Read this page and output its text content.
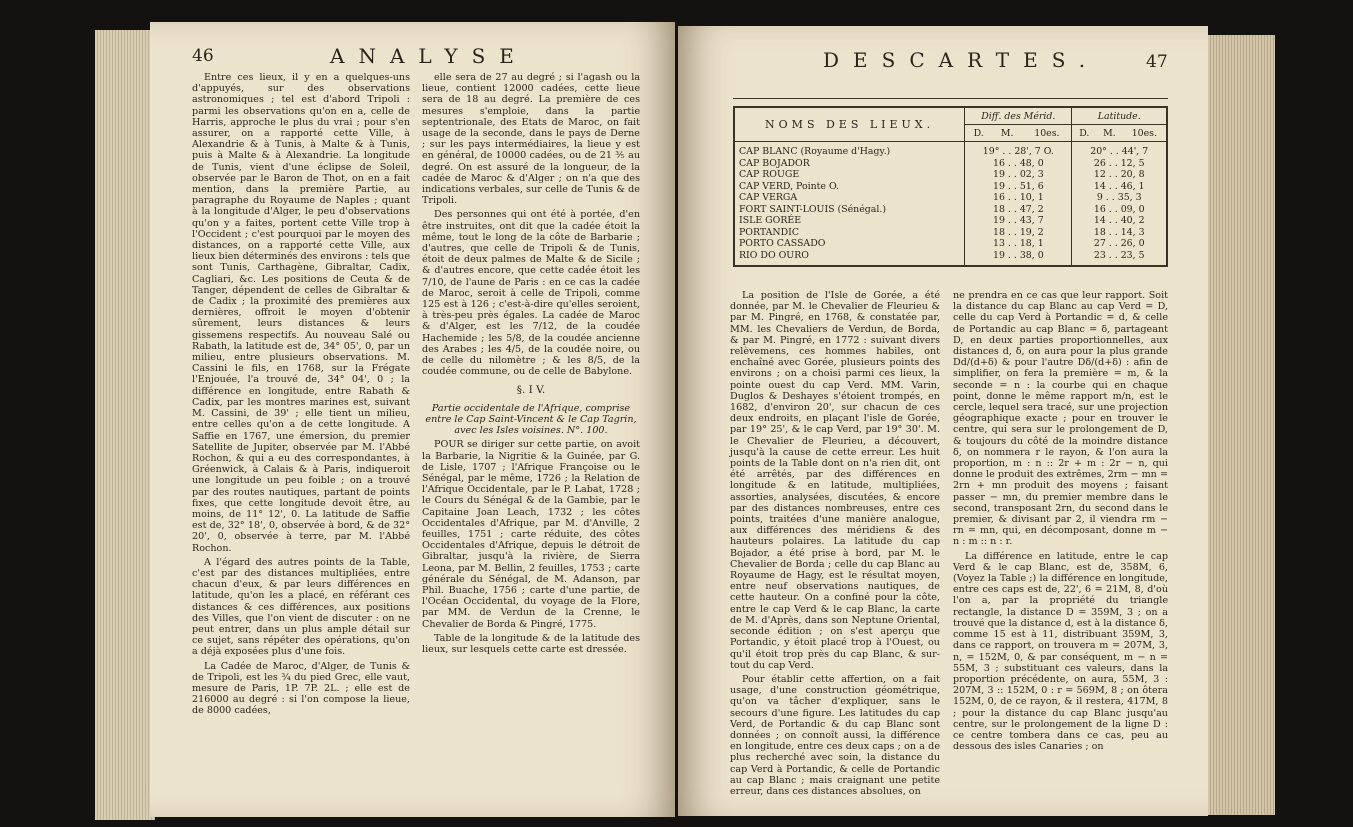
46	ANALYSE

Entre ces lieux, il y en a quelques-uns d'appuyés, sur des observations astronomiques ; tel est d'abord Tripoli : parmi les observations qu'on en a, celle de Harris, approche le plus du vrai ; pour s'en assurer, on a rapporté cette Ville, à Alexandrie & à Tunis, à Malte & à Tunis, puis à Malte & à Alexandrie. La longitude de Tunis, vient d'une éclipse de Soleil, observée par le Baron de Thot, on en a fait mention, dans la première Partie, au paragraphe du Royaume de Naples ; quant à la longitude d'Alger, le peu d'observations qu'on y a faites, portent cette Ville trop à l'Occident ; c'est pourquoi par le moyen des distances, on a rapporté cette Ville, aux lieux bien déterminés des environs : tels que sont Tunis, Carthagène, Gibraltar, Cadix, Cagliari, &c. Les positions de Ceuta & de Tanger, dépendent de celles de Gibraltar & de Cadix ; la proximité des premières aux dernières, offroit le moyen d'obtenir sûrement, leurs distances & leurs gissemens respectifs. Au nouveau Salé ou Rabath, la latitude est de, 34° 05', 0, par un milieu, entre plusieurs observations. M. Cassini le fils, en 1768, sur la Frégate l'Enjouée, l'a trouvé de, 34° 04', 0 ; la différence en longitude, entre Rabath & Cadix, par les montres marines est, suivant M. Cassini, de 39' ; elle tient un milieu, entre celles qu'on a de cette longitude. A Saffie en 1767, une émersion, du premier Satellite de Jupiter, observée par M. l'Abbé Rochon, & qui a eu des correspondantes, à Gréenwick, à Calais & à Paris, indiqueroit une longitude un peu foible ; on a trouvé par des routes nautiques, partant de points fixes, que cette longitude devoit être, au moins, de 11° 12', 0. La latitude de Saffie est de, 32° 18', 0, observée à bord, & de 32° 20', 0, observée à terre, par M. l'Abbé Rochon.

A l'égard des autres points de la Table, c'est par des distances multipliées, entre chacun d'eux, & par leurs différences en latitude, qu'on les a placé, en référant ces distances & ces différences, aux positions des Villes, que l'on vient de discuter : on ne peut entrer, dans un plus ample détail sur ce sujet, sans répéter des opérations, qu'on a déjà exposées plus d'une fois.

La Cadée de Maroc, d'Alger, de Tunis & de Tripoli, est les ¾ du pied Grec, elle vaut, mesure de Paris, 1P. 7P. 2L. ; elle est de 216000 au degré : si l'on compose la lieue, de 8000 cadées,

elle sera de 27 au degré ; si l'agash ou la lieue, contient 12000 cadées, cette lieue sera de 18 au degré. La première de ces mesures s'emploie, dans la partie septentrionale, des Etats de Maroc, on fait usage de la seconde, dans le pays de Derne ; sur les pays intermédiaires, la lieue y est en général, de 10000 cadées, ou de 21 ⅗ au degré. On est assuré de la longueur, de la cadée de Maroc & d'Alger ; on n'a que des indications verbales, sur celle de Tunis & de Tripoli.

Des personnes qui ont été à portée, d'en être instruites, ont dit que la cadée étoit la même, tout le long de la côte de Barbarie ; d'autres, que celle de Tripoli & de Tunis, étoit de deux palmes de Malte & de Sicile ; & d'autres encore, que cette cadée étoit les 7/10, de l'aune de Paris : en ce cas la cadée de Maroc, seroit à celle de Tripoli, comme 125 est à 126 ; c'est-à-dire qu'elles seroient, à très-peu près égales. La cadée de Maroc & d'Alger, est les 7/12, de la coudée Hachemide ; les 5/8, de la coudée ancienne des Arabes ; les 4/5, de la coudée noire, ou de celle du nilomètre ; & les 8/5, de la coudée commune, ou de celle de Babylone.

§. I V.

Partie occidentale de l'Afrique, comprise entre le Cap Saint-Vincent & le Cap Tagrin, avec les Isles voisines. N°. 100.

POUR se diriger sur cette partie, on avoit la Barbarie, la Nigritie & la Guinée, par G. de Lisle, 1707 ; l'Afrique Françoise ou le Sénégal, par le même, 1726 ; la Relation de l'Afrique Occidentale, par le P. Labat, 1728 ; le Cours du Sénégal & de la Gambie, par le Capitaine Joan Leach, 1732 ; les côtes Occidentales d'Afrique, par M. d'Anville, 2 feuilles, 1751 ; carte réduite, des côtes Occidentales d'Afrique, depuis le détroit de Gibraltar, jusqu'à la rivière, de Sierra Leona, par M. Bellin, 2 feuilles, 1753 ; carte générale du Sénégal, de M. Adanson, par Phil. Buache, 1756 ; carte d'une partie, de l'Océan Occidental, du voyage de la Flore, par MM. de Verdun de la Crenne, le Chevalier de Borda & Pingré, 1775.

Table de la longitude & de la latitude des lieux, sur lesquels cette carte est dressée.

DESCARTES.	47
NOMS DES LIEUX.	Diff. des Mérid.			Latitude.		
	D.	M.	10es.	D.	M.	10es.
CAP BLANC (Royaume d'Hagy.)	19° . . 28', 7 O.			20° . . 44', 7		
CAP BOJADOR	16 . . 48, 0			26 . . 12, 5		
CAP ROUGE	19 . . 02, 3			12 . . 20, 8		
CAP VERD, Pointe O.	19 . . 51, 6			14 . . 46, 1		
CAP VERGA	16 . . 10, 1			9 . . 35, 3		
FORT SAINT-LOUIS (Sénégal.)	18 . . 47, 2			16 . . 09, 0		
ISLE GORÉE	19 . . 43, 7			14 . . 40, 2		
PORTANDIC	18 . . 19, 2			18 . . 14, 3		
PORTO CASSADO	13 . . 18, 1			27 . . 26, 0		
RIO DO OURO	19 . . 38, 0			23 . . 23, 5		

La position de l'Isle de Gorée, a été donnée, par M. le Chevalier de Fleurieu & par M. Pingré, en 1768, & constatée par, MM. les Chevaliers de Verdun, de Borda, & par M. Pingré, en 1772 : suivant divers relèvemens, ces hommes habiles, ont enchaîné avec Gorée, plusieurs points des environs ; on a choisi parmi ces lieux, la pointe ouest du cap Verd. MM. Varin, Duglos & Deshayes s'étoient trompés, en 1682, d'environ 20', sur chacun de ces deux endroits, en plaçant l'isle de Gorée, par 19° 25', & le cap Verd, par 19° 30'. M. le Chevalier de Fleurieu, a découvert, jusqu'à la cause de cette erreur. Les huit points de la Table dont on n'a rien dit, ont été arrêtés, par des différences en longitude & en latitude, multipliées, assorties, analysées, discutées, & encore par des distances nombreuses, entre ces points, traitées d'une manière analogue, aux différences des méridiens & des hauteurs polaires. La latitude du cap Bojador, a été prise à bord, par M. le Chevalier de Borda ; celle du cap Blanc au Royaume de Hagy, est le résultat moyen, entre neuf observations nautiques, de cette hauteur. On a confiné pour la côte, entre le cap Verd & le cap Blanc, la carte de M. d'Après, dans son Neptune Oriental, seconde édition ; on s'est aperçu que Portandic, y étoit placé trop à l'Ouest, ou qu'il étoit trop près du cap Blanc, & sur-tout du cap Verd.

Pour établir cette affertion, on a fait usage, d'une construction géométrique, qu'on va tâcher d'expliquer, sans le secours d'une figure. Les latitudes du cap Verd, de Portandic & du cap Blanc sont données ; on connoît aussi, la différence en longitude, entre ces deux caps ; on a de plus recherché avec soin, la distance du cap Verd à Portandic, & celle de Portandic au cap Blanc ; mais craignant une petite erreur, dans ces distances absolues, on

ne prendra en ce cas que leur rapport. Soit la distance du cap Blanc au cap Verd = D, celle du cap Verd à Portandic = d, & celle de Portandic au cap Blanc = δ, partageant D, en deux parties proportionnelles, aux distances d, δ, on aura pour la plus grande Dd/(d+δ) & pour l'autre Dδ/(d+δ) : afin de simplifier, on fera la première = m, & la seconde = n : la courbe qui en chaque point, donne le même rapport m/n, est le cercle, lequel sera tracé, sur une projection géographique exacte ; pour en trouver le centre, qui sera sur le prolongement de D, & toujours du côté de la moindre distance δ, on nommera r le rayon, & l'on aura la proportion, m : n :: 2r + m : 2r − n, qui donne le produit des extrêmes, 2rm − mn = 2rn + mn produit des moyens ; faisant passer − mn, du premier membre dans le second, transposant 2rn, du second dans le premier, & divisant par 2, il viendra rm − rn = mn, qui, en décomposant, donne m − n : m :: n : r.

La différence en latitude, entre le cap Verd & le cap Blanc, est de, 358M, 6, (Voyez la Table ;) la différence en longitude, entre ces caps est de, 22', 6 = 21M, 8, d'où l'on a, par la propriété du triangle rectangle, la distance D = 359M, 3 ; on a trouvé que la distance d, est à la distance δ, comme 15 est à 11, distribuant 359M, 3, dans ce rapport, on trouvera m = 207M, 3, n, = 152M, 0, & par conséquent, m − n = 55M, 3 ; substituant ces valeurs, dans la proportion précédente, on aura, 55M, 3 : 207M, 3 :: 152M, 0 : r = 569M, 8 ; on ôtera 152M, 0, de ce rayon, & il restera, 417M, 8 ; pour la distance du cap Blanc jusqu'au centre, sur le prolongement de la ligne D : ce centre tombera dans ce cas, peu au dessous des isles Canaries ; on
